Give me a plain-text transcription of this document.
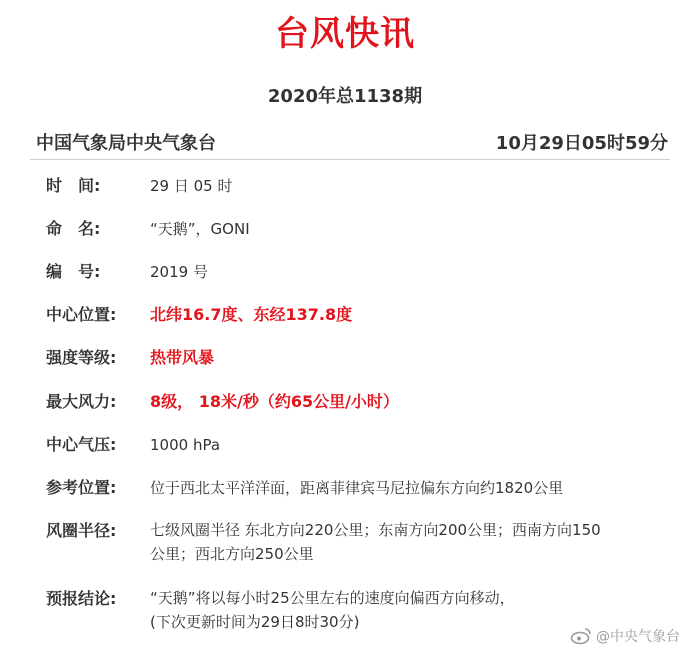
台风快讯
2020年总1138期
中国气象局中央气象台	10月29日05时59分
时　间:	29 日 05 时
命　名:	“天鹅”，GONI
编　号:	2019 号
中心位置:	北纬16.7度、东经137.8度
强度等级:	热带风暴
最大风力:	8级， 18米/秒（约65公里/小时）
中心气压:	1000 hPa
参考位置:	位于西北太平洋洋面，距离菲律宾马尼拉偏东方向约1820公里
风圈半径:	七级风圈半径 东北方向220公里；东南方向200公里；西南方向150
公里；西北方向250公里
预报结论:	“天鹅”将以每小时25公里左右的速度向偏西方向移动，
(下次更新时间为29日8时30分)
@中央气象台
